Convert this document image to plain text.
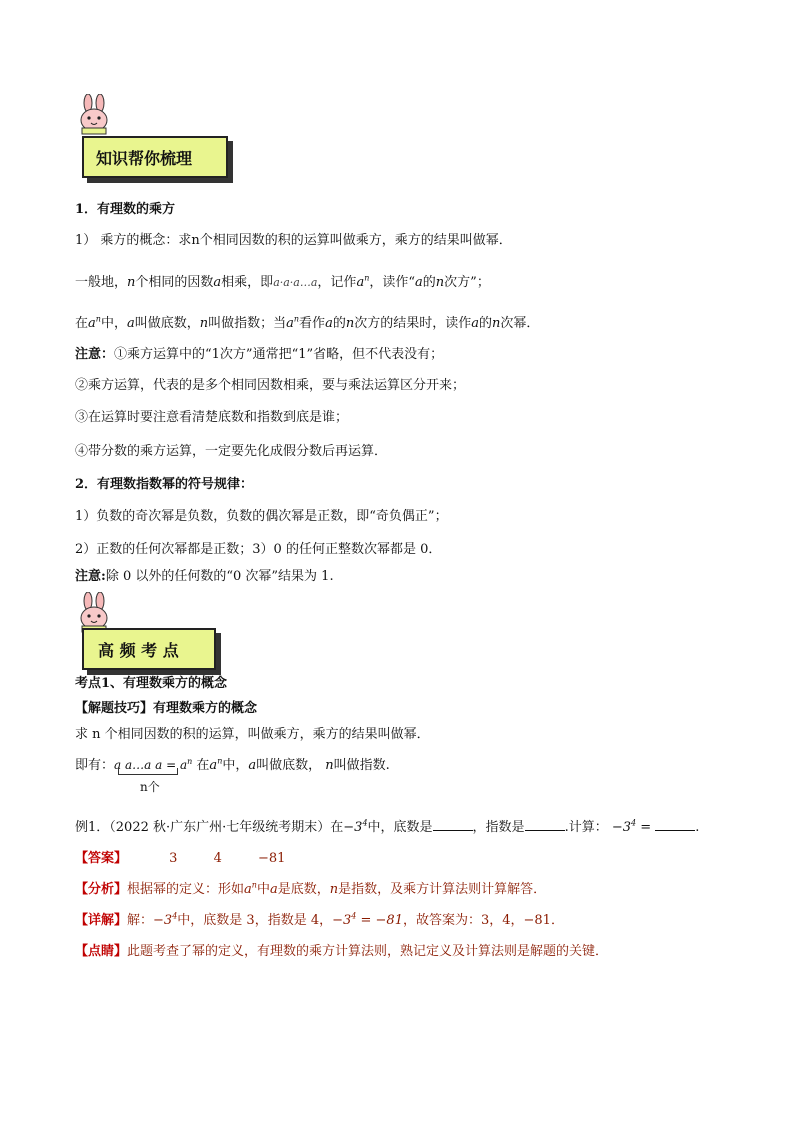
知识帮你梳理
1．有理数的乘方
1） 乘方的概念：求n个相同因数的积的运算叫做乘方，乘方的结果叫做幂．
一般地，n个相同的因数a相乘，即a·a·a…a，记作$a^n$，读作“a的n次方”；
在$a^n$中，a叫做底数，n叫做指数；当$a^n$看作a的n次方的结果时，读作a的n次幂．
注意：①乘方运算中的“1次方”通常把“1”省略，但不代表没有；
②乘方运算，代表的是多个相同因数相乘，要与乘法运算区分开来；
③在运算时要注意看清楚底数和指数到底是谁；
④带分数的乘方运算，一定要先化成假分数后再运算．
2．有理数指数幂的符号规律：
1）负数的奇次幂是负数，负数的偶次幂是正数，即“奇负偶正”；
2）正数的任何次幂都是正数；3）0 的任何正整数次幂都是 0．
注意:除 0 以外的任何数的“0 次幂”结果为 1.
高 频 考 点
考点1、有理数乘方的概念
【解题技巧】有理数乘方的概念
求 n 个相同因数的积的运算，叫做乘方，乘方的结果叫做幂．
即有：a a…a $a = a^n$ 在$a^n$中，a叫做底数， n叫做指数.
n个
例1．（2022 秋·广东广州·七年级统考期末）在$-3^4$中，底数是	，指数是	.计算： $-3^4$ =	.
【答案】	3	4	−81
【分析】根据幂的定义：形如$a^n$中a是底数，n是指数，及乘方计算法则计算解答．
【详解】解：$-3^4$中，底数是 3，指数是 4，$-3^4 = -81$，故答案为：3，4，−81．
【点睛】此题考查了幂的定义，有理数的乘方计算法则，熟记定义及计算法则是解题的关键．
